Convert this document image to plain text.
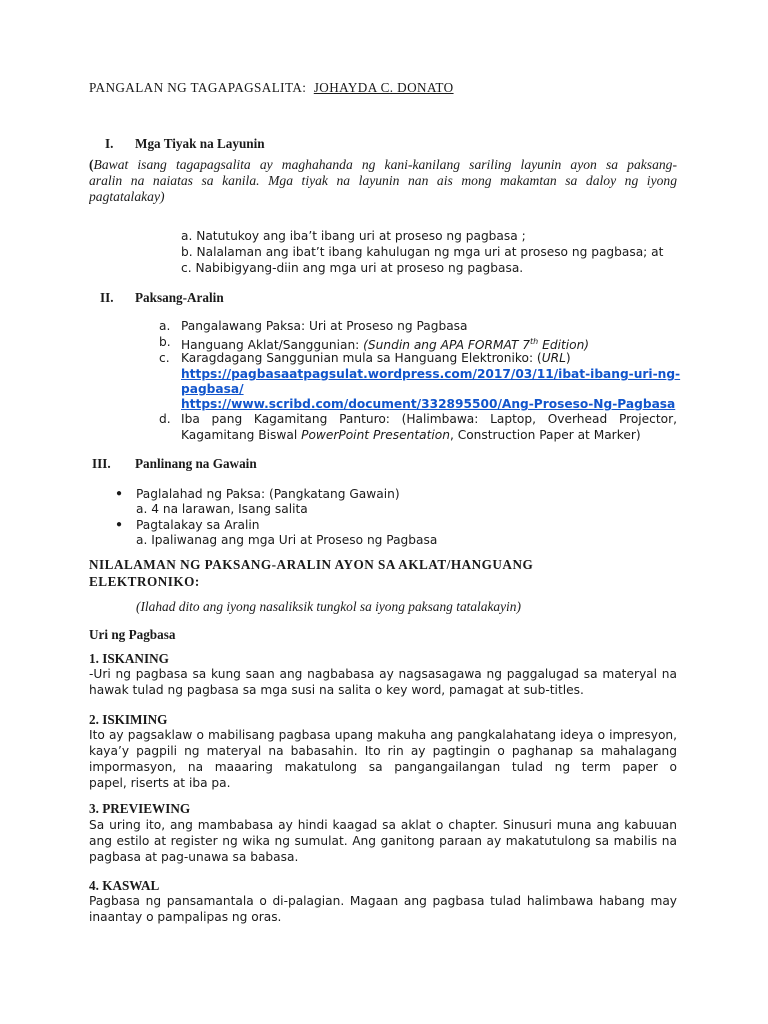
PANGALAN NG TAGAPAGSALITA: JOHAYDA C. DONATO
I. Mga Tiyak na Layunin
(Bawat isang tagapagsalita ay maghahanda ng kani-kanilang sariling layunin ayon sa paksang-
aralin na naiatas sa kanila. Mga tiyak na layunin nan ais mong makamtan sa daloy ng iyong
pagtatalakay)
a. Natutukoy ang iba’t ibang uri at proseso ng pagbasa ;
b. Nalalaman ang ibat’t ibang kahulugan ng mga uri at proseso ng pagbasa; at
c. Nabibigyang-diin ang mga uri at proseso ng pagbasa.
II. Paksang-Aralin
a. Pangalawang Paksa: Uri at Proseso ng Pagbasa
b. Hanguang Aklat/Sanggunian: (Sundin ang APA FORMAT 7th Edition)
c. Karagdagang Sanggunian mula sa Hanguang Elektroniko: (URL)
https://pagbasaatpagsulat.wordpress.com/2017/03/11/ibat-ibang-uri-ng-
pagbasa/
https://www.scribd.com/document/332895500/Ang-Proseso-Ng-Pagbasa
d. Iba pang Kagamitang Panturo: (Halimbawa: Laptop, Overhead Projector,
Kagamitang Biswal PowerPoint Presentation, Construction Paper at Marker)
III. Panlinang na Gawain
● Paglalahad ng Paksa: (Pangkatang Gawain)
a. 4 na larawan, Isang salita
● Pagtalakay sa Aralin
a. Ipaliwanag ang mga Uri at Proseso ng Pagbasa
NILALAMAN NG PAKSANG-ARALIN AYON SA AKLAT/HANGUANG
ELEKTRONIKO:
(Ilahad dito ang iyong nasaliksik tungkol sa iyong paksang tatalakayin)
Uri ng Pagbasa
1. ISKANING
-Uri ng pagbasa sa kung saan ang nagbabasa ay nagsasagawa ng paggalugad sa materyal na
hawak tulad ng pagbasa sa mga susi na salita o key word, pamagat at sub-titles.
2. ISKIMING
Ito ay pagsaklaw o mabilisang pagbasa upang makuha ang pangkalahatang ideya o impresyon,
kaya’y pagpili ng materyal na babasahin. Ito rin ay pagtingin o paghanap sa mahalagang
impormasyon, na maaaring makatulong sa pangangailangan tulad ng term paper o
papel, riserts at iba pa.
3. PREVIEWING
Sa uring ito, ang mambabasa ay hindi kaagad sa aklat o chapter. Sinusuri muna ang kabuuan
ang estilo at register ng wika ng sumulat. Ang ganitong paraan ay makatutulong sa mabilis na
pagbasa at pag-unawa sa babasa.
4. KASWAL
Pagbasa ng pansamantala o di-palagian. Magaan ang pagbasa tulad halimbawa habang may
inaantay o pampalipas ng oras.
